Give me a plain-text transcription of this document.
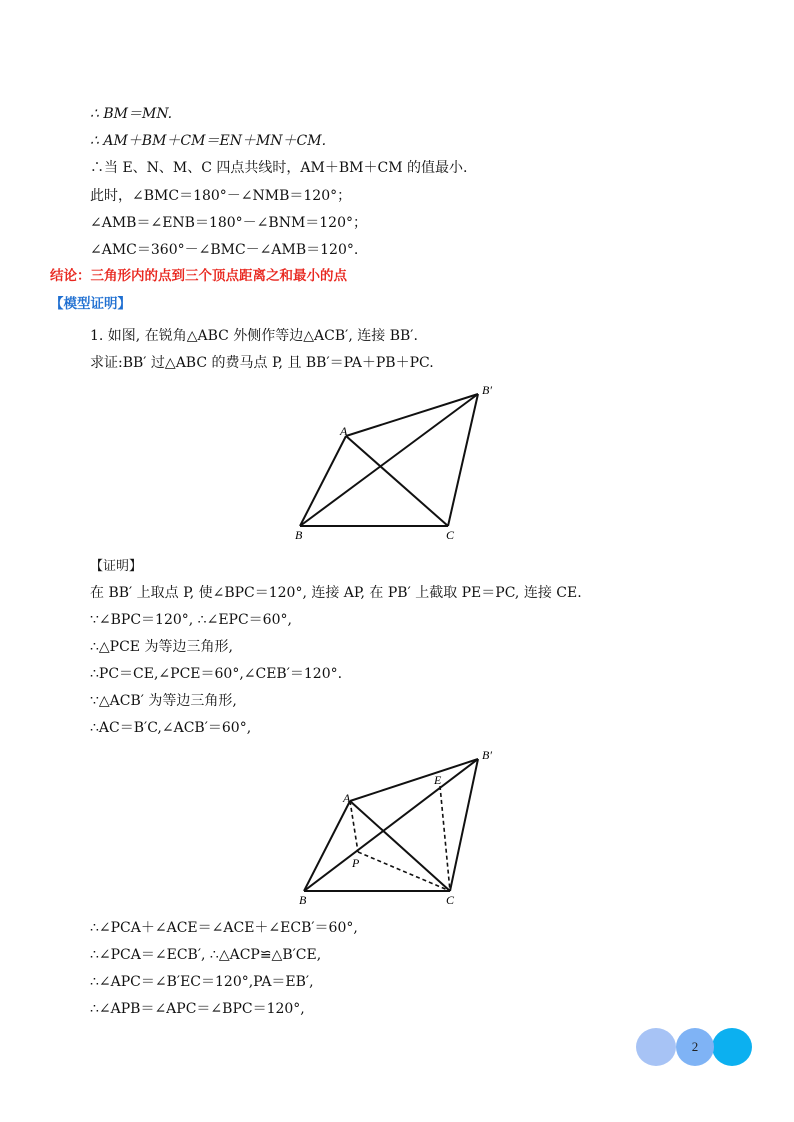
∴ BM＝MN.
∴ AM＋BM＋CM＝EN＋MN＋CM.
∴当 E、N、M、C 四点共线时，AM＋BM＋CM 的值最小.
此时，∠BMC＝180°－∠NMB＝120°；
∠AMB＝∠ENB＝180°－∠BNM＝120°；
∠AMC＝360°－∠BMC－∠AMB＝120°.
结论：三角形内的点到三个顶点距离之和最小的点
【模型证明】
1. 如图, 在锐角△ABC 外侧作等边△ACB′, 连接 BB′.
求证:BB′ 过△ABC 的费马点 P, 且 BB′＝PA＋PB＋PC.
A
B	C
B′
【证明】
在 BB′ 上取点 P, 使∠BPC＝120°, 连接 AP, 在 PB′ 上截取 PE＝PC, 连接 CE.
∵∠BPC＝120°, ∴∠EPC＝60°,
∴△PCE 为等边三角形,
∴PC＝CE,∠PCE＝60°,∠CEB′＝120°.
∵△ACB′ 为等边三角形,
∴AC＝B′C,∠ACB′＝60°,
A
B	C
B′
E
P
∴∠PCA＋∠ACE＝∠ACE＋∠ECB′＝60°,
∴∠PCA＝∠ECB′, ∴△ACP≌△B′CE,
∴∠APC＝∠B′EC＝120°,PA＝EB′,
∴∠APB＝∠APC＝∠BPC＝120°,
2
